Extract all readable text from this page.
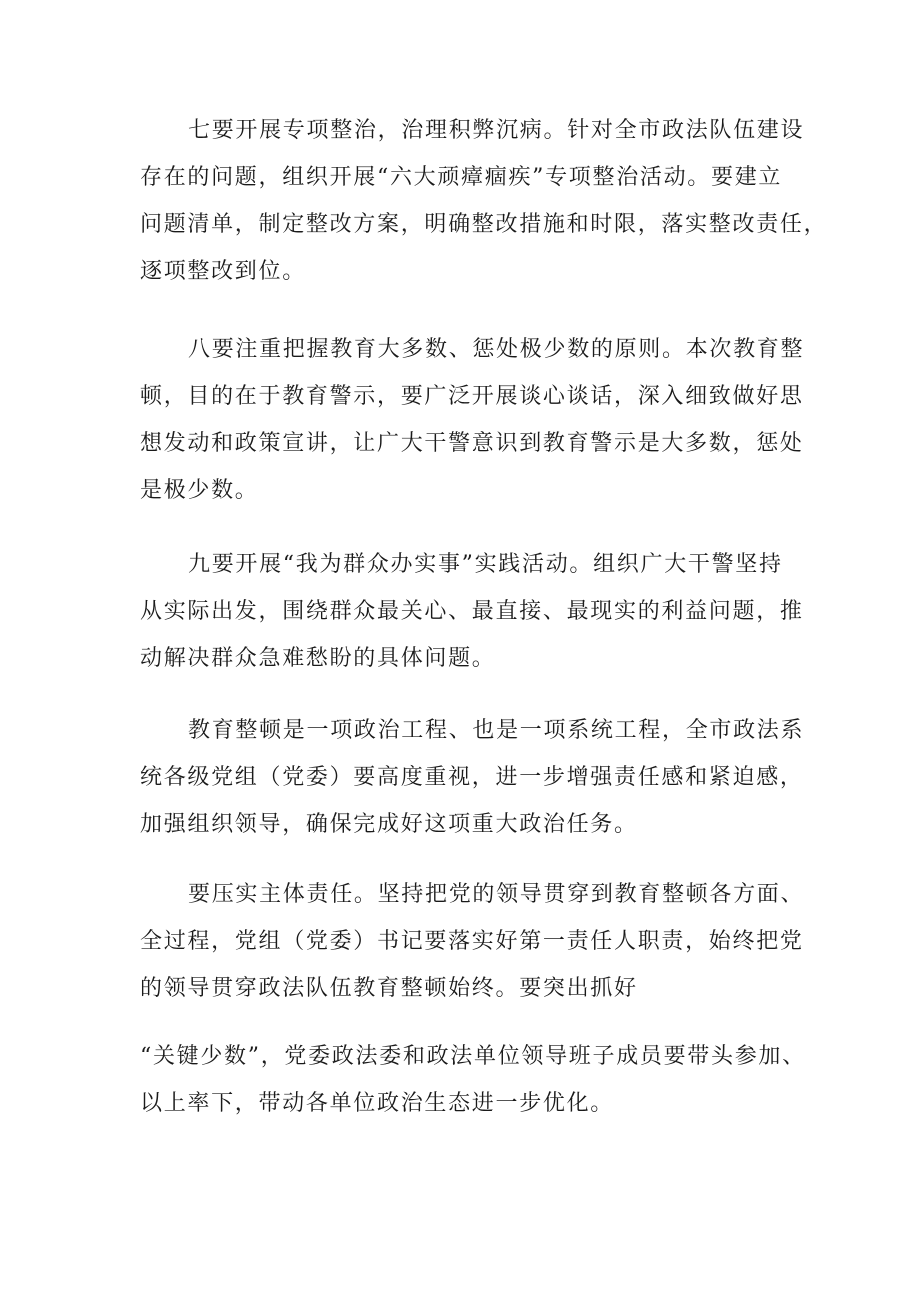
七要开展专项整治，治理积弊沉病。针对全市政法队伍建设
存在的问题，组织开展“六大顽瘴痼疾”专项整治活动。要建立
问题清单，制定整改方案，明确整改措施和时限，落实整改责任，
逐项整改到位。
八要注重把握教育大多数、惩处极少数的原则。本次教育整
顿，目的在于教育警示，要广泛开展谈心谈话，深入细致做好思
想发动和政策宣讲，让广大干警意识到教育警示是大多数，惩处
是极少数。
九要开展“我为群众办实事”实践活动。组织广大干警坚持
从实际出发，围绕群众最关心、最直接、最现实的利益问题，推
动解决群众急难愁盼的具体问题。
教育整顿是一项政治工程、也是一项系统工程，全市政法系
统各级党组（党委）要高度重视，进一步增强责任感和紧迫感，
加强组织领导，确保完成好这项重大政治任务。
要压实主体责任。坚持把党的领导贯穿到教育整顿各方面、
全过程，党组（党委）书记要落实好第一责任人职责，始终把党
的领导贯穿政法队伍教育整顿始终。要突出抓好
“关键少数”，党委政法委和政法单位领导班子成员要带头参加、
以上率下，带动各单位政治生态进一步优化。
